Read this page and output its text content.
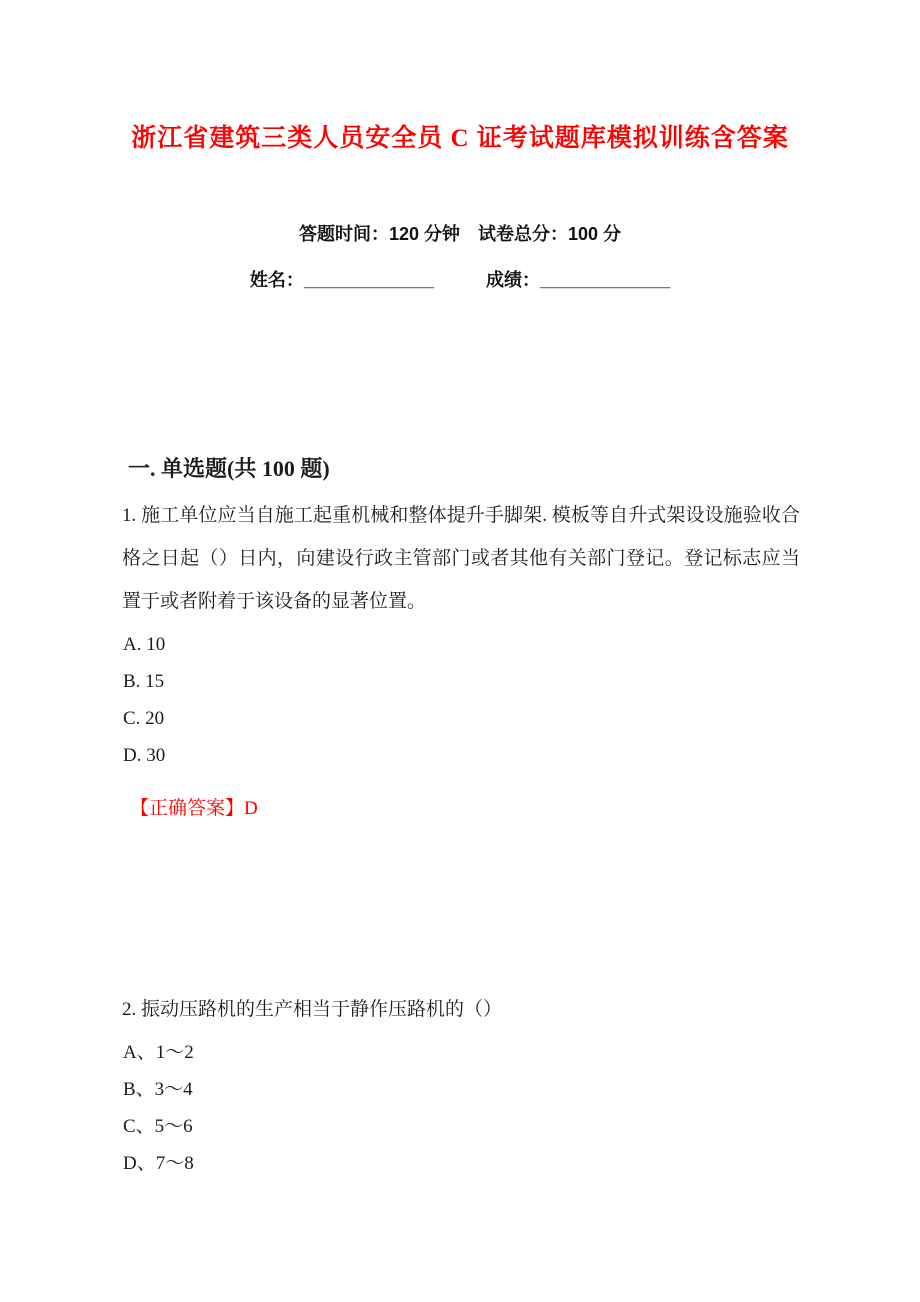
浙江省建筑三类人员安全员 C 证考试题库模拟训练含答案
答题时间：120 分钟 试卷总分：100 分
姓名：_____________	成绩：_____________
一. 单选题(共 100 题)
1. 施工单位应当自施工起重机械和整体提升手脚架. 模板等自升式架设设施验收合格之日起（）日内，向建设行政主管部门或者其他有关部门登记。登记标志应当置于或者附着于该设备的显著位置。
A. 10
B. 15
C. 20
D. 30
【正确答案】D
2. 振动压路机的生产相当于静作压路机的（）
A、1～2
B、3～4
C、5～6
D、7～8
